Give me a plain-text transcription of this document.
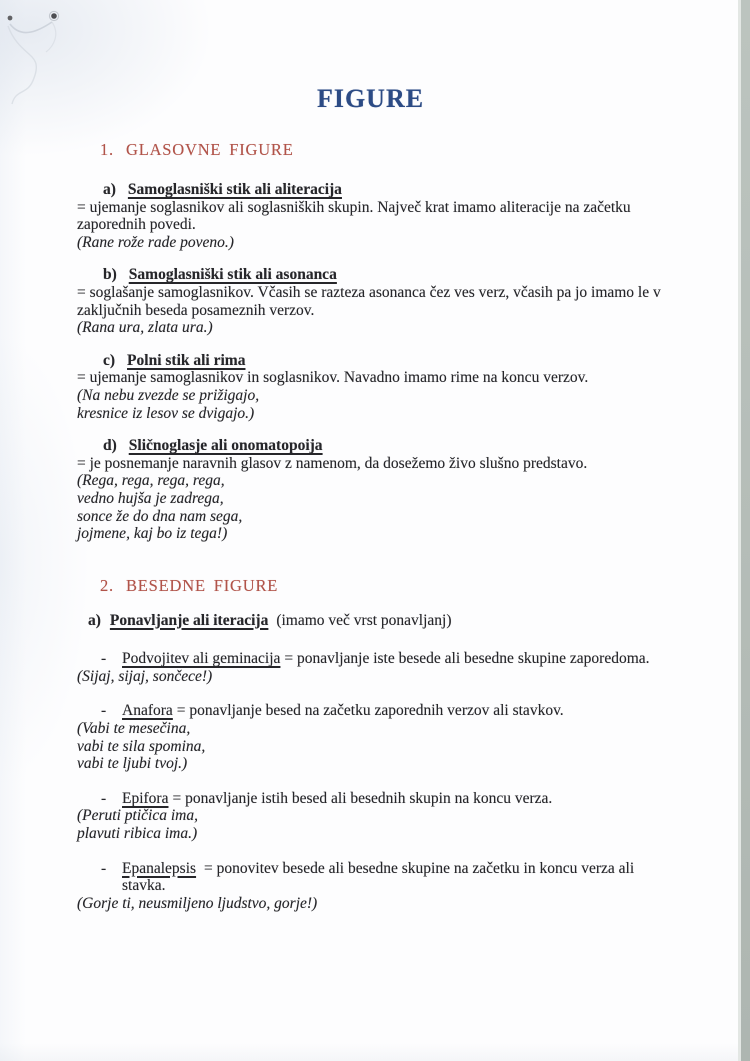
FIGURE
1. GLASOVNE FIGURE
a) Samoglasniški stik ali aliteracija
= ujemanje soglasnikov ali soglasniških skupin. Največ krat imamo aliteracije na začetku
zaporednih povedi.
(Rane rože rade poveno.)
b) Samoglasniški stik ali asonanca
= soglašanje samoglasnikov. Včasih se razteza asonanca čez ves verz, včasih pa jo imamo le v
zaključnih beseda posameznih verzov.
(Rana ura, zlata ura.)
c) Polni stik ali rima
= ujemanje samoglasnikov in soglasnikov. Navadno imamo rime na koncu verzov.
(Na nebu zvezde se prižigajo,
kresnice iz lesov se dvigajo.)
d) Sličnoglasje ali onomatopoija
= je posnemanje naravnih glasov z namenom, da dosežemo živo slušno predstavo.
(Rega, rega, rega, rega,
vedno hujša je zadrega,
sonce že do dna nam sega,
jojmene, kaj bo iz tega!)
2. BESEDNE FIGURE
a) Ponavljanje ali iteracija (imamo več vrst ponavljanj)
- Podvojitev ali geminacija = ponavljanje iste besede ali besedne skupine zaporedoma.
(Sijaj, sijaj, sončece!)
- Anafora = ponavljanje besed na začetku zaporednih verzov ali stavkov.
(Vabi te mesečina,
vabi te sila spomina,
vabi te ljubi tvoj.)
- Epifora = ponavljanje istih besed ali besednih skupin na koncu verza.
(Peruti ptičica ima,
plavuti ribica ima.)
- Epanalepsis = ponovitev besede ali besedne skupine na začetku in koncu verza ali
stavka.
(Gorje ti, neusmiljeno ljudstvo, gorje!)
